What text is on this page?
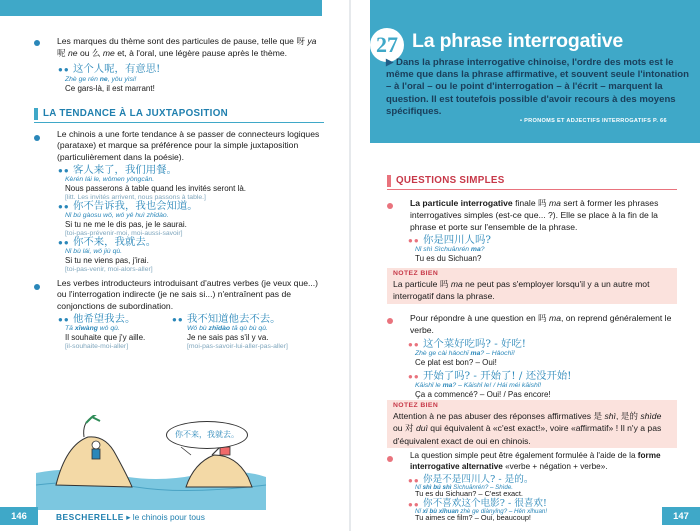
Les marques du thème sont des particules de pause, telle que 呀 ya
呢 ne ou 么 me et, à l'oral, une légère pause après le thème.
●● 这个人呢，有意思!
Zhè ge rén ne, yǒu yìsi!
Ce gars-là, il est marrant!
LA TENDANCE À LA JUXTAPOSITION
Le chinois a une forte tendance à se passer de connecteurs logiques (parataxe) et marque sa préférence pour la simple juxtaposition (particulièrement dans la poésie).
●● 客人来了，我们用餐。
Kèrén lái le, wǒmen yòngcān.
Nous passerons à table quand les invités seront là.
[litt. Les invités arrivent, nous passons à table.]
●● 你不告诉我，我也会知道。
Nǐ bú gàosu wǒ, wǒ yě huì zhīdào.
Si tu ne me le dis pas, je le saurai.
[toi-pas-prévenir-moi, moi-aussi-savoir]
●● 你不来，我就去。
Nǐ bù lái, wǒ jiù qù.
Si tu ne viens pas, j'irai.
[toi-pas-venir, moi-alors-aller]
Les verbes introducteurs introduisant d'autres verbes (je veux que...) ou l'interrogation indirecte (je ne sais si...) n'entraînent pas de conjonctions de subordination.
●● 他希望我去。
Tā xīwàng wǒ qù.
Il souhaite que j'y aille.
[il-souhaite-moi-aller]
●● 我不知道他去不去。
Wǒ bù zhīdào tā qù bù qù.
Je ne sais pas s'il y va.
[moi-pas-savoir-lui-aller-pas-aller]
你不来，我就去。
146	BESCHERELLE ▸ le chinois pour tous
27 La phrase interrogative
▶ Dans la phrase interrogative chinoise, l'ordre des mots est le même que dans la phrase affirmative, et souvent seule l'intonation – à l'oral – ou le point d'interrogation – à l'écrit – marquent la question. Il est toutefois possible d'avoir recours à des moyens spécifiques.
• PRONOMS ET ADJECTIFS INTERROGATIFS P. 66
QUESTIONS SIMPLES
La particule interrogative finale 吗 ma sert à former les phrases interrogatives simples (est-ce que... ?). Elle se place à la fin de la phrase et porte sur l'ensemble de la phrase.
●● 你是四川人吗?
Nǐ shì Sìchuānrén ma?
Tu es du Sichuan?
NOTEZ BIEN
La particule 吗 ma ne peut pas s'employer lorsqu'il y a un autre mot interrogatif dans la phrase.
Pour répondre à une question en 吗 ma, on reprend généralement le verbe.
●● 这个菜好吃吗? - 好吃!
Zhè ge cài hǎochī ma? – Hǎochī!
Ce plat est bon? – Oui!
●● 开始了吗? - 开始了! / 还没开始!
Kāishǐ le ma? – Kāishǐ le! / Hái méi kāishǐ!
Ça a commencé? – Oui! / Pas encore!
NOTEZ BIEN
Attention à ne pas abuser des réponses affirmatives 是 shì, 是的 shìde ou 对 duì qui équivalent à «c'est exact!», voire «affirmatif» ! Il n'y a pas d'équivalent exact de oui en chinois.
La question simple peut être également formulée à l'aide de la forme interrogative alternative «verbe + négation + verbe».
●● 你是不是四川人? - 是的。
Nǐ shì bú shì Sìchuānrén? – Shìde.
Tu es du Sichuan? – C'est exact.
●● 你不喜欢这个电影? - 很喜欢!
Nǐ xǐ bù xǐhuan zhè ge diànyǐng? – Hěn xǐhuan!
Tu aimes ce film? – Oui, beaucoup!	147
